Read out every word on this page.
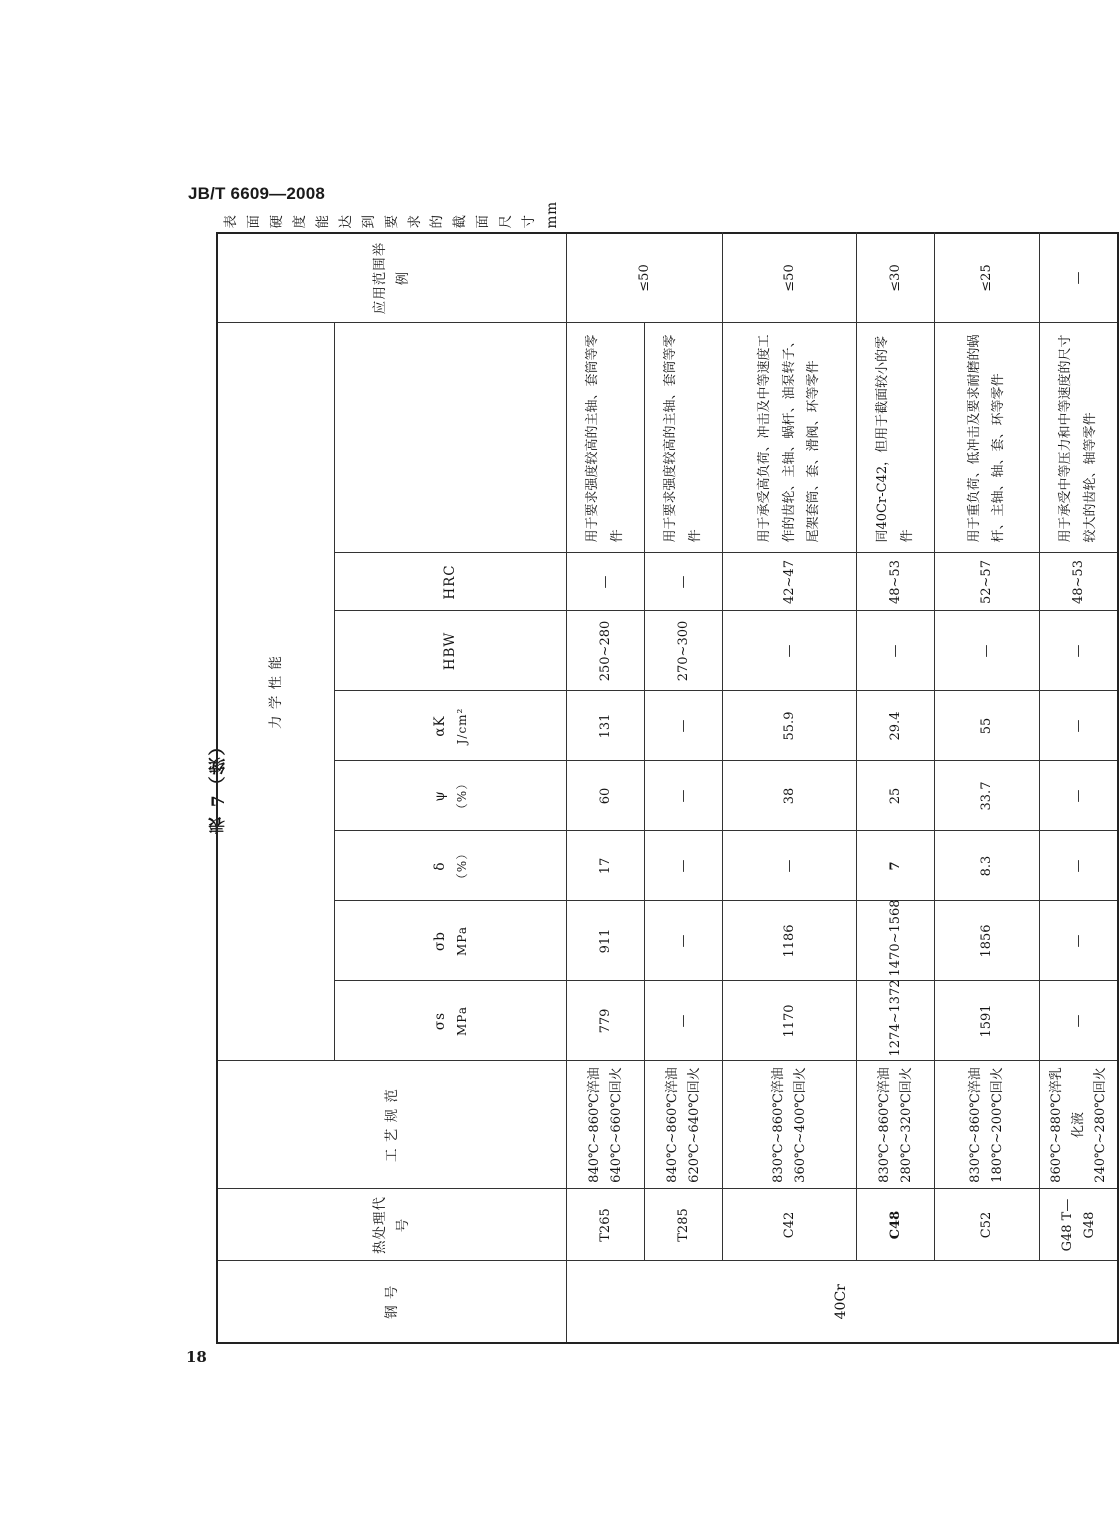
JB/T 6609—2008
18
表 7（续）
钢 号	热处理代号	工 艺 规 范	力 学 性 能								应用范围举例	表面硬度能达到要求的截面尺寸 mm
			σs MPa	σb MPa	δ （%）	ψ （%）	αK J/cm²	HBW	HRC			
40Cr	T265	840℃~860℃淬油 640℃~660℃回火	779	911	17	60	131	250~280	—	用于要求强度较高的主轴、套筒等零件	≤50	
	T285	840℃~860℃淬油 620℃~640℃回火	—	—	—	—	—	270~300	—	用于要求强度较高的主轴、套筒等零件		
	C42	830℃~860℃淬油 360℃~400℃回火	1170	1186	—	38	55.9	—	42~47	用于承受高负荷、冲击及中等速度工作的齿轮、主轴、蜗杆、油泵转子、尾架套筒、套、滑阀、环等零件	≤50	
	C48	830℃~860℃淬油 280℃~320℃回火	1274~1372	1470~1568	7	25	29.4	—	48~53	同40Cr-C42，但用于截面较小的零件	≤30	
	C52	830℃~860℃淬油 180℃~200℃回火	1591	1856	8.3	33.7	55	—	52~57	用于重负荷、低冲击及要求耐磨的蜗杆、主轴、轴、套、环等零件	≤25	
	G48 T—G48	860℃~880℃淬乳化液 240℃~280℃回火	—	—	—	—	—	—	48~53	用于承受中等压力和中等速度的尺寸较大的齿轮、轴等零件	—	
